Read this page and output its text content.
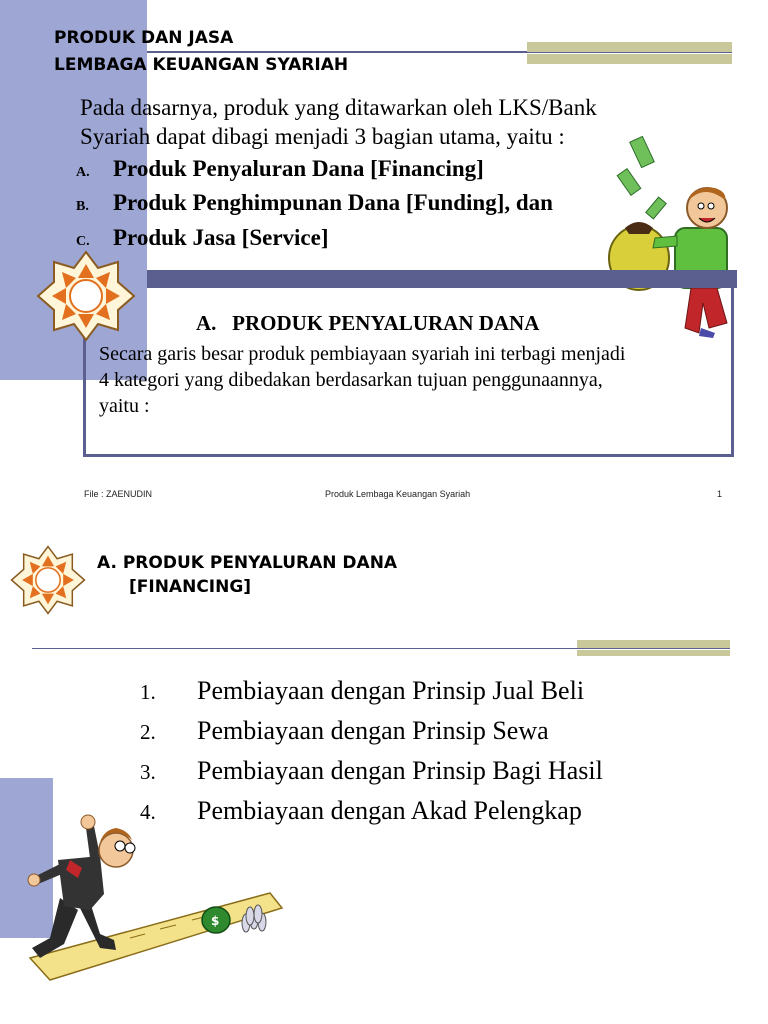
PRODUK DAN JASA
LEMBAGA KEUANGAN SYARIAH
Pada dasarnya, produk yang ditawarkan oleh LKS/Bank
Syariah dapat dibagi menjadi 3 bagian utama, yaitu :
A. Produk Penyaluran Dana [Financing]
B. Produk Penghimpunan Dana [Funding], dan
C. Produk Jasa [Service]
A.   PRODUK PENYALURAN DANA
Secara garis besar produk pembiayaan syariah ini terbagi menjadi
4 kategori yang dibedakan berdasarkan tujuan penggunaannya,
yaitu :
File : ZAENUDIN	Produk Lembaga Keuangan Syariah	1
A. PRODUK PENYALURAN DANA
[FINANCING]
1. Pembiayaan dengan Prinsip Jual Beli
2. Pembiayaan dengan Prinsip Sewa
3. Pembiayaan dengan Prinsip Bagi Hasil
4. Pembiayaan dengan Akad Pelengkap
$
